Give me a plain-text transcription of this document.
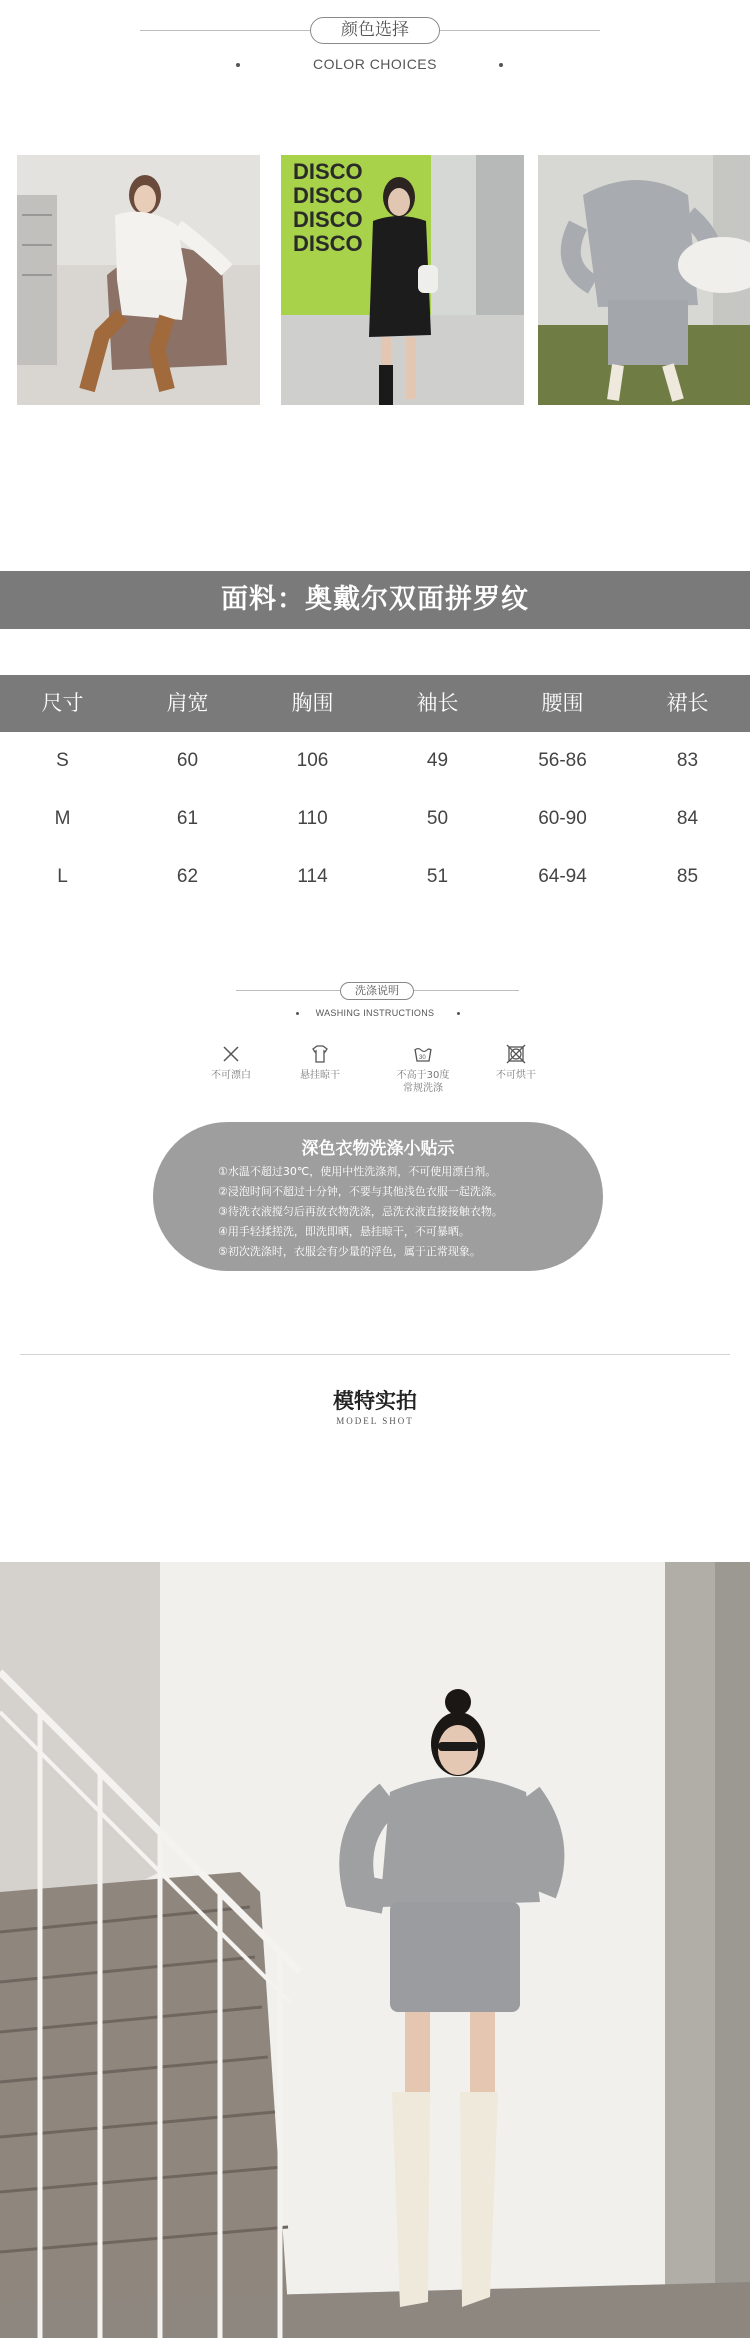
颜色选择
COLOR CHOICES
DISCO
DISCO
DISCO
DISCO
面料：奥戴尔双面拼罗纹
尺寸	肩宽	胸围	袖长	腰围	裙长
S	60	106	49	56-86	83
M	61	110	50	60-90	84
L	62	114	51	64-94	85
洗涤说明
WASHING INSTRUCTIONS
不可漂白	悬挂晾干
30
不高于30度
常规洗涤
不可烘干
深色衣物洗涤小贴示
①水温不超过30℃，使用中性洗涤剂，不可使用漂白剂。
②浸泡时间不超过十分钟，不要与其他浅色衣服一起洗涤。
③待洗衣液搅匀后再放衣物洗涤，忌洗衣液直接接触衣物。
④用手轻揉搓洗，即洗即晒，悬挂晾干，不可暴晒。
⑤初次洗涤时，衣服会有少量的浮色，属于正常现象。
模特实拍
MODEL SHOT
